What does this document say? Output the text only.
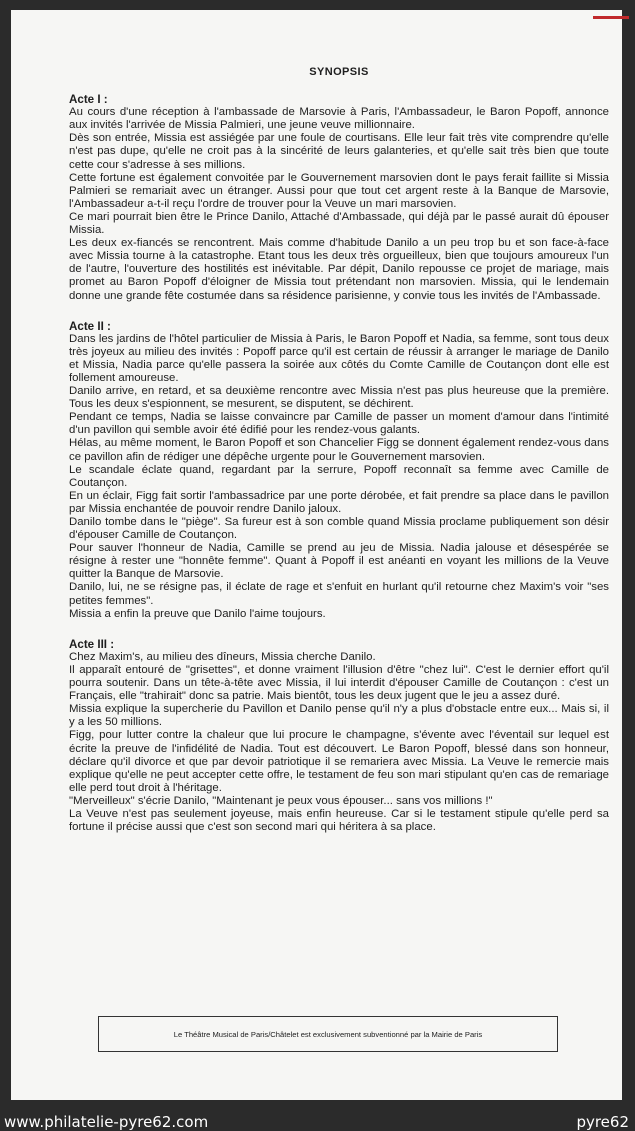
SYNOPSIS

Acte I :

Au cours d'une réception à l'ambassade de Marsovie à Paris, l'Ambassadeur, le Baron Popoff, annonce aux invités l'arrivée de Missia Palmieri, une jeune veuve millionnaire.

Dès son entrée, Missia est assiégée par une foule de courtisans. Elle leur fait très vite comprendre qu'elle n'est pas dupe, qu'elle ne croit pas à la sincérité de leurs galanteries, et qu'elle sait très bien que toute cette cour s'adresse à ses millions.

Cette fortune est également convoitée par le Gouvernement marsovien dont le pays ferait faillite si Missia Palmieri se remariait avec un étranger. Aussi pour que tout cet argent reste à la Banque de Marsovie, l'Ambassadeur a-t-il reçu l'ordre de trouver pour la Veuve un mari marsovien.

Ce mari pourrait bien être le Prince Danilo, Attaché d'Ambassade, qui déjà par le passé aurait dû épouser Missia.

Les deux ex-fiancés se rencontrent. Mais comme d'habitude Danilo a un peu trop bu et son face-à-face avec Missia tourne à la catastrophe. Etant tous les deux très orgueilleux, bien que toujours amoureux l'un de l'autre, l'ouverture des hostilités est inévitable. Par dépit, Danilo repousse ce projet de mariage, mais promet au Baron Popoff d'éloigner de Missia tout prétendant non marsovien. Missia, qui le lendemain donne une grande fête costumée dans sa résidence parisienne, y convie tous les invités de l'Ambassade.

Acte II :

Dans les jardins de l'hôtel particulier de Missia à Paris, le Baron Popoff et Nadia, sa femme, sont tous deux très joyeux au milieu des invités : Popoff parce qu'il est certain de réussir à arranger le mariage de Danilo et Missia, Nadia parce qu'elle passera la soirée aux côtés du Comte Camille de Coutançon dont elle est follement amoureuse.

Danilo arrive, en retard, et sa deuxième rencontre avec Missia n'est pas plus heureuse que la première. Tous les deux s'espionnent, se mesurent, se disputent, se déchirent.

Pendant ce temps, Nadia se laisse convaincre par Camille de passer un moment d'amour dans l'intimité d'un pavillon qui semble avoir été édifié pour les rendez-vous galants.

Hélas, au même moment, le Baron Popoff et son Chancelier Figg se donnent également rendez-vous dans ce pavillon afin de rédiger une dépêche urgente pour le Gouvernement marsovien.

Le scandale éclate quand, regardant par la serrure, Popoff reconnaît sa femme avec Camille de Coutançon.

En un éclair, Figg fait sortir l'ambassadrice par une porte dérobée, et fait prendre sa place dans le pavillon par Missia enchantée de pouvoir rendre Danilo jaloux.

Danilo tombe dans le "piège". Sa fureur est à son comble quand Missia proclame publiquement son désir d'épouser Camille de Coutançon.

Pour sauver l'honneur de Nadia, Camille se prend au jeu de Missia. Nadia jalouse et désespérée se résigne à rester une "honnête femme". Quant à Popoff il est anéanti en voyant les millions de la Veuve quitter la Banque de Marsovie.

Danilo, lui, ne se résigne pas, il éclate de rage et s'enfuit en hurlant qu'il retourne chez Maxim's voir "ses petites femmes".

Missia a enfin la preuve que Danilo l'aime toujours.

Acte III :

Chez Maxim's, au milieu des dîneurs, Missia cherche Danilo.

Il apparaît entouré de "grisettes", et donne vraiment l'illusion d'être "chez lui". C'est le dernier effort qu'il pourra soutenir. Dans un tête-à-tête avec Missia, il lui interdit d'épouser Camille de Coutançon : c'est un Français, elle "trahirait" donc sa patrie. Mais bientôt, tous les deux jugent que le jeu a assez duré.

Missia explique la supercherie du Pavillon et Danilo pense qu'il n'y a plus d'obstacle entre eux... Mais si, il y a les 50 millions.

Figg, pour lutter contre la chaleur que lui procure le champagne, s'évente avec l'éventail sur lequel est écrite la preuve de l'infidélité de Nadia. Tout est découvert. Le Baron Popoff, blessé dans son honneur, déclare qu'il divorce et que par devoir patriotique il se remariera avec Missia. La Veuve le remercie mais explique qu'elle ne peut accepter cette offre, le testament de feu son mari stipulant qu'en cas de remariage elle perd tout droit à l'héritage.

"Merveilleux" s'écrie Danilo, "Maintenant je peux vous épouser... sans vos millions !"

La Veuve n'est pas seulement joyeuse, mais enfin heureuse. Car si le testament stipule qu'elle perd sa fortune il précise aussi que c'est son second mari qui héritera à sa place.

Le Théâtre Musical de Paris/Châtelet est exclusivement subventionné par la Mairie de Paris
www.philatelie-pyre62.com	pyre62
